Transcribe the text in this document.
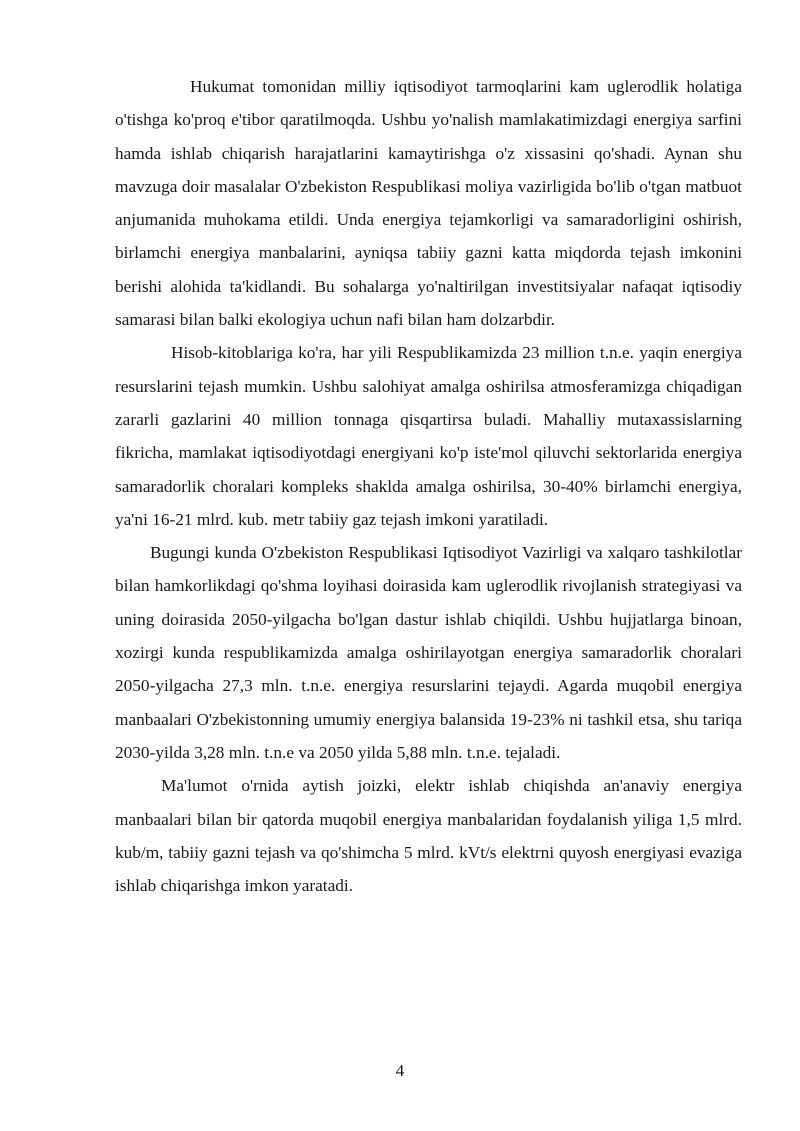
Hukumat tomonidan milliy iqtisodiyot tarmoqlarini kam uglerodlik holatiga o'tishga ko'proq e'tibor qaratilmoqda. Ushbu yo'nalish mamlakatimizdagi energiya sarfini hamda ishlab chiqarish harajatlarini kamaytirishga o'z xissasini qo'shadi. Aynan shu mavzuga doir masalalar O'zbekiston Respublikasi moliya vazirligida bo'lib o'tgan matbuot anjumanida muhokama etildi. Unda energiya tejamkorligi va samaradorligini oshirish, birlamchi energiya manbalarini, ayniqsa tabiiy gazni katta miqdorda tejash imkonini berishi alohida ta'kidlandi. Bu sohalarga yo'naltirilgan investitsiyalar nafaqat iqtisodiy samarasi bilan balki ekologiya uchun nafi bilan ham dolzarbdir.

Hisob-kitoblariga ko'ra, har yili Respublikamizda 23 million t.n.e. yaqin energiya resurslarini tejash mumkin. Ushbu salohiyat amalga oshirilsa atmosferamizga chiqadigan zararli gazlarini 40 million tonnaga qisqartirsa buladi. Mahalliy mutaxassislarning fikricha, mamlakat iqtisodiyotdagi energiyani ko'p iste'mol qiluvchi sektorlarida energiya samaradorlik choralari kompleks shaklda amalga oshirilsa, 30-40% birlamchi energiya, ya'ni 16-21 mlrd. kub. metr tabiiy gaz tejash imkoni yaratiladi.

Bugungi kunda O'zbekiston Respublikasi Iqtisodiyot Vazirligi va xalqaro tashkilotlar bilan hamkorlikdagi qo'shma loyihasi doirasida kam uglerodlik rivojlanish strategiyasi va uning doirasida 2050-yilgacha bo'lgan dastur ishlab chiqildi. Ushbu hujjatlarga binoan, xozirgi kunda respublikamizda amalga oshirilayotgan energiya samaradorlik choralari 2050-yilgacha 27,3 mln. t.n.e. energiya resurslarini tejaydi. Agarda muqobil energiya manbaalari O'zbekistonning umumiy energiya balansida 19-23% ni tashkil etsa, shu tariqa 2030-yilda 3,28 mln. t.n.e va 2050 yilda 5,88 mln. t.n.e. tejaladi.

Ma'lumot o'rnida aytish joizki, elektr ishlab chiqishda an'anaviy energiya manbaalari bilan bir qatorda muqobil energiya manbalaridan foydalanish yiliga 1,5 mlrd. kub/m, tabiiy gazni tejash va qo'shimcha 5 mlrd. kVt/s elektrni quyosh energiyasi evaziga ishlab chiqarishga imkon yaratadi.

4
